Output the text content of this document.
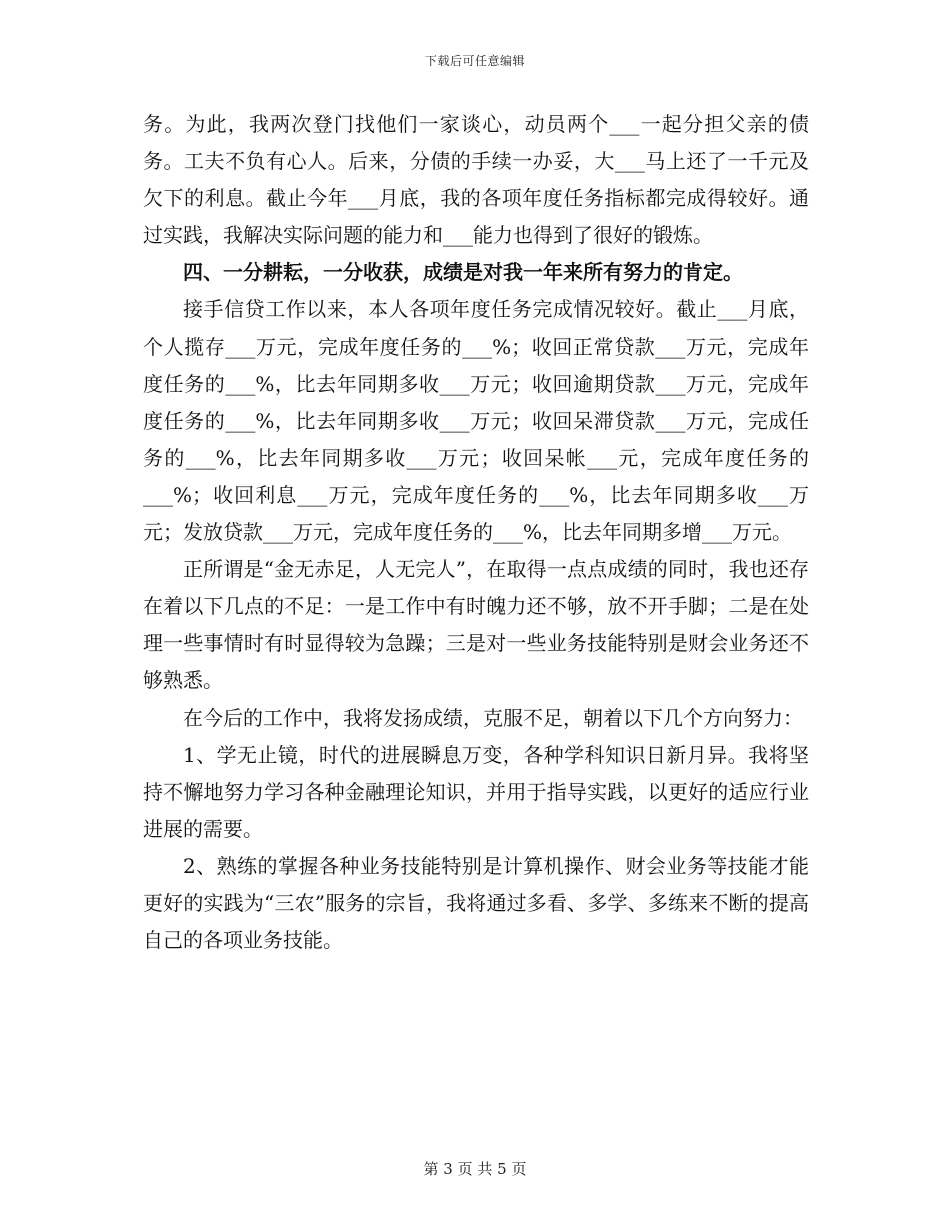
下载后可任意编辑

务。为此，我两次登门找他们一家谈心，动员两个___一起分担父亲的债务。工夫不负有心人。后来，分债的手续一办妥，大___马上还了一千元及欠下的利息。截止今年___月底，我的各项年度任务指标都完成得较好。通过实践，我解决实际问题的能力和___能力也得到了很好的锻炼。

四、一分耕耘，一分收获，成绩是对我一年来所有努力的肯定。

接手信贷工作以来，本人各项年度任务完成情况较好。截止___月底，个人揽存___万元，完成年度任务的___%；收回正常贷款___万元，完成年度任务的___%，比去年同期多收___万元；收回逾期贷款___万元，完成年度任务的___%，比去年同期多收___万元；收回呆滞贷款___万元，完成任务的___%，比去年同期多收___万元；收回呆帐___元，完成年度任务的___%；收回利息___万元，完成年度任务的___%，比去年同期多收___万元；发放贷款___万元，完成年度任务的___%，比去年同期多增___万元。

正所谓是“金无赤足，人无完人”，在取得一点点成绩的同时，我也还存在着以下几点的不足：一是工作中有时魄力还不够，放不开手脚；二是在处理一些事情时有时显得较为急躁；三是对一些业务技能特别是财会业务还不够熟悉。

在今后的工作中，我将发扬成绩，克服不足，朝着以下几个方向努力：

1、学无止镜，时代的进展瞬息万变，各种学科知识日新月异。我将坚持不懈地努力学习各种金融理论知识，并用于指导实践，以更好的适应行业进展的需要。

2、熟练的掌握各种业务技能特别是计算机操作、财会业务等技能才能更好的实践为“三农”服务的宗旨，我将通过多看、多学、多练来不断的提高自己的各项业务技能。

第 3 页 共 5 页
